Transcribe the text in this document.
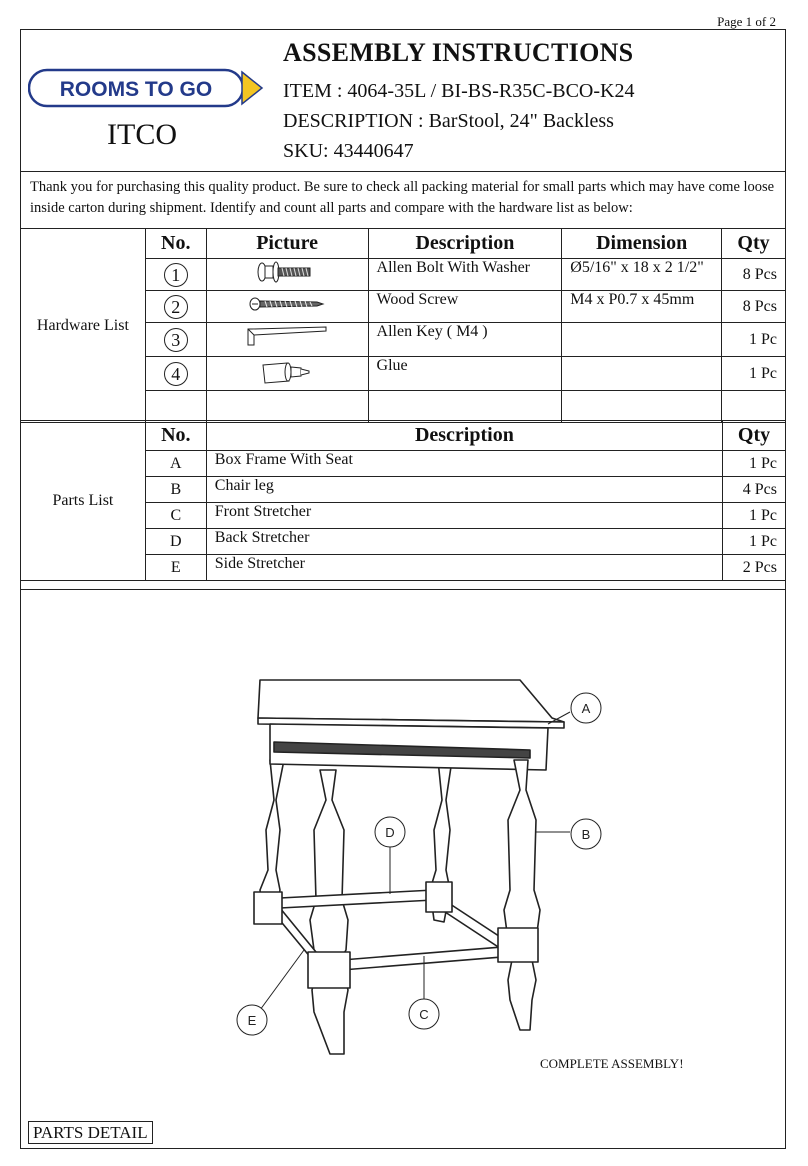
Page 1 of 2
ROOMS TO GO
ITCO
ASSEMBLY INSTRUCTIONS
ITEM : 4064-35L / BI-BS-R35C-BCO-K24
DESCRIPTION : BarStool, 24" Backless
SKU: 43440647
Thank you for purchasing this quality product. Be sure to check all packing material for small parts which may have come loose inside carton during shipment. Identify and count all parts and compare with the hardware list as below:
Hardware List	No.	Picture	Description	Dimension	Qty
	1		Allen Bolt With Washer	Ø5/16" x 18 x 2 1/2"	8 Pcs
	2		Wood Screw	M4 x P0.7 x 45mm	8 Pcs
	3		Allen Key ( M4 )		1 Pc
	4		Glue		1 Pc

Parts List	No.	Description	Qty
	A	Box Frame With Seat	1 Pc
	B	Chair leg	4 Pcs
	C	Front Stretcher	1 Pc
	D	Back Stretcher	1 Pc
	E	Side Stretcher	2 Pcs
A
B
C
D
E
COMPLETE ASSEMBLY!
PARTS DETAIL
